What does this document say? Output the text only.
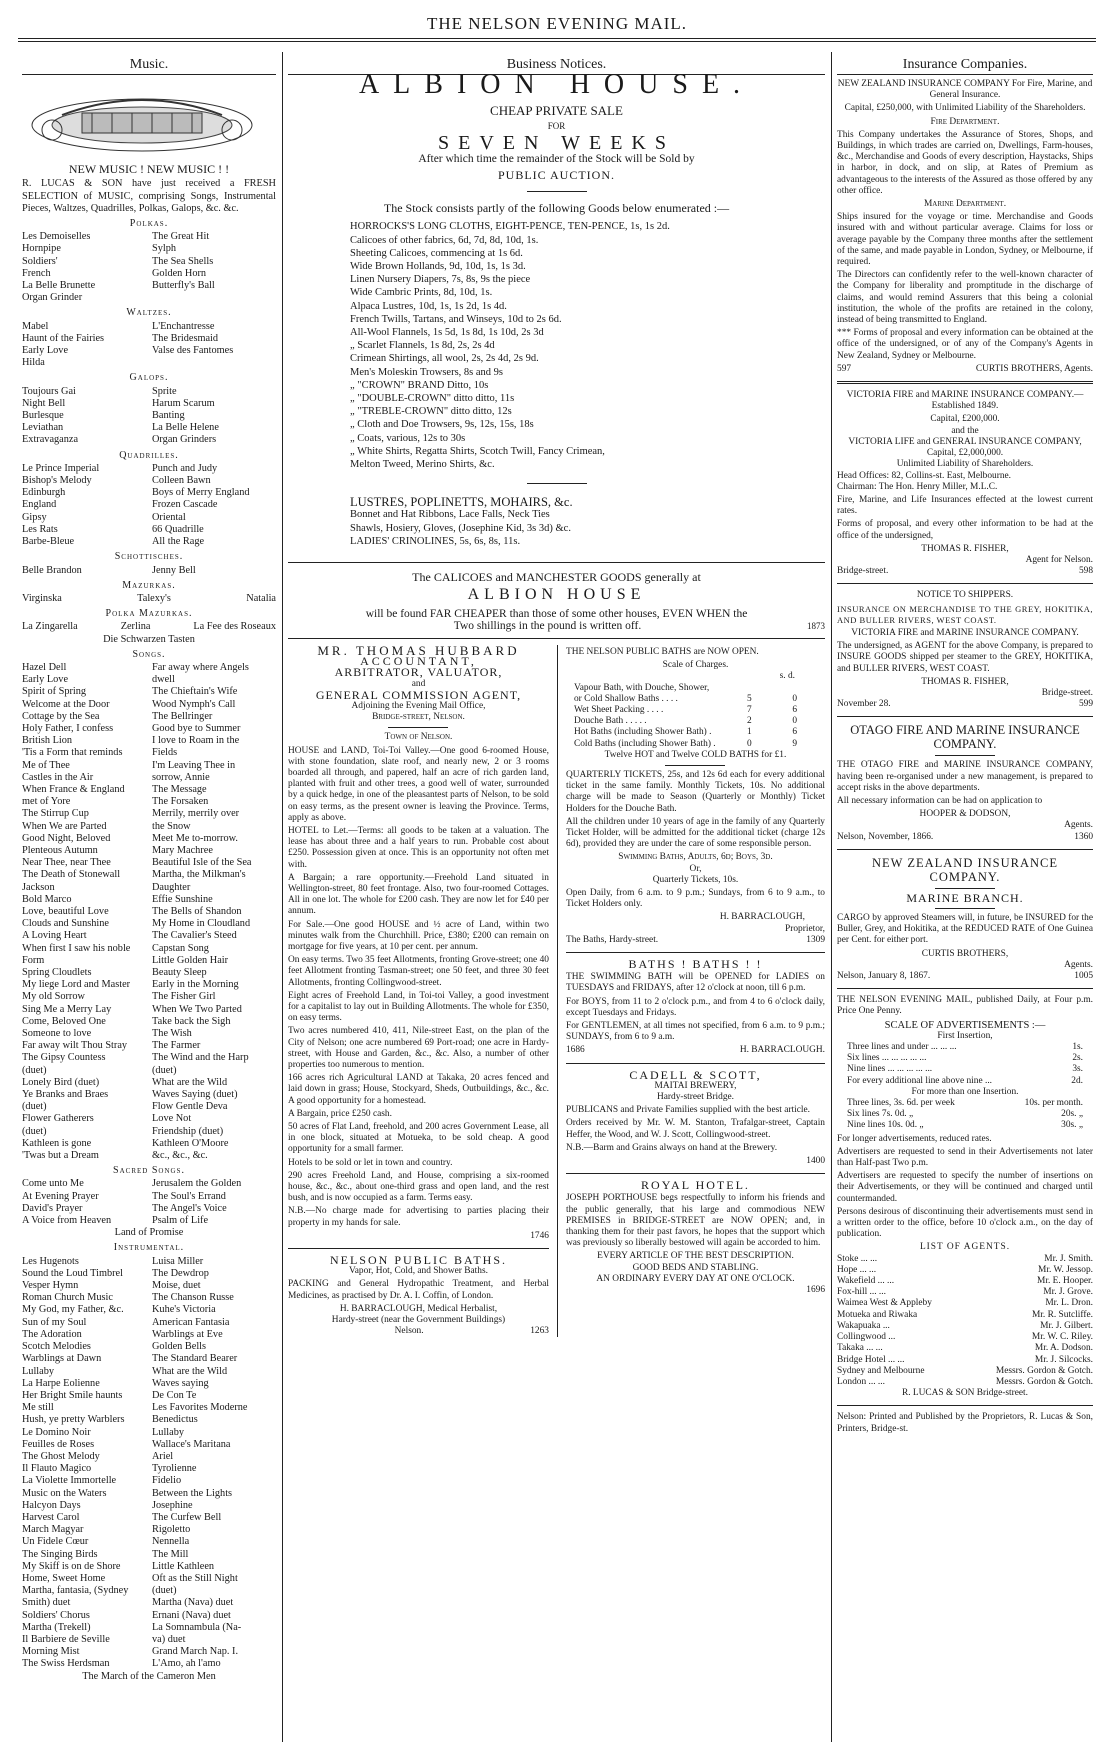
THE NELSON EVENING MAIL.
Music.
NEW MUSIC ! NEW MUSIC ! !

R. LUCAS & SON have just received a FRESH SELECTION of MUSIC, comprising Songs, Instrumental Pieces, Waltzes, Quadrilles, Polkas, Galops, &c. &c.

Polkas.
Les Demoiselles	The Great Hit
Hornpipe	Sylph
Soldiers'	The Sea Shells
French	Golden Horn
La Belle Brunette	Butterfly's Ball
Organ Grinder
Waltzes.
Mabel	L'Enchantresse
Haunt of the Fairies	The Bridesmaid
Early Love	Valse des Fantomes
Hilda
Galops.
Toujours Gai	Sprite
Night Bell	Harum Scarum
Burlesque	Banting
Leviathan	La Belle Helene
Extravaganza	Organ Grinders
Quadrilles.
Le Prince Imperial	Punch and Judy
Bishop's Melody	Colleen Bawn
Edinburgh	Boys of Merry England
England	Frozen Cascade
Gipsy	Oriental
Les Rats	66 Quadrille
Barbe-Bleue	All the Rage
Schottisches.
Belle Brandon	Jenny Bell
Mazurkas.
Virginska	Talexy's	Natalia
Polka Mazurkas.
La Zingarella	Zerlina	La Fee des Roseaux
Die Schwarzen Tasten
Songs.
Hazel Dell	Far away where Angels
Early Love	dwell
Spirit of Spring	The Chieftain's Wife
Welcome at the Door	Wood Nymph's Call
Cottage by the Sea	The Bellringer
Holy Father, I confess	Good bye to Summer
British Lion	I love to Roam in the
'Tis a Form that reminds	Fields
Me of Thee	I'm Leaving Thee in
Castles in the Air	sorrow, Annie
When France & England	The Message
met of Yore	The Forsaken
The Stirrup Cup	Merrily, merrily over
When We are Parted	the Snow
Good Night, Beloved	Meet Me to-morrow.
Plenteous Autumn	Mary Machree
Near Thee, near Thee	Beautiful Isle of the Sea
The Death of Stonewall	Martha, the Milkman's
Jackson	Daughter
Bold Marco	Effie Sunshine
Love, beautiful Love	The Bells of Shandon
Clouds and Sunshine	My Home in Cloudland
A Loving Heart	The Cavalier's Steed
When first I saw his noble	Capstan Song
Form	Little Golden Hair
Spring Cloudlets	Beauty Sleep
My liege Lord and Master	Early in the Morning
My old Sorrow	The Fisher Girl
Sing Me a Merry Lay	When We Two Parted
Come, Beloved One	Take back the Sigh
Someone to love	The Wish
Far away wilt Thou Stray	The Farmer
The Gipsy Countess	The Wind and the Harp
(duet)	(duet)
Lonely Bird (duet)	What are the Wild
Ye Branks and Braes	Waves Saying (duet)
(duet)	Flow Gentle Deva
Flower Gatherers	Love Not
(duet)	Friendship (duet)
Kathleen is gone	Kathleen O'Moore
'Twas but a Dream	&c., &c., &c.
Sacred Songs.
Come unto Me	Jerusalem the Golden
At Evening Prayer	The Soul's Errand
David's Prayer	The Angel's Voice
A Voice from Heaven	Psalm of Life
Land of Promise
Instrumental.
Les Hugenots	Luisa Miller
Sound the Loud Timbrel	The Dewdrop
Vesper Hymn	Moise, duet
Roman Church Music	The Chanson Russe
My God, my Father, &c.	Kuhe's Victoria
Sun of my Soul	American Fantasia
The Adoration	Warblings at Eve
Scotch Melodies	Golden Bells
Warblings at Dawn	The Standard Bearer
Lullaby	What are the Wild
La Harpe Eolienne	Waves saying
Her Bright Smile haunts	De Con Te
Me still	Les Favorites Moderne
Hush, ye pretty Warblers	Benedictus
Le Domino Noir	Lullaby
Feuilles de Roses	Wallace's Maritana
The Ghost Melody	Ariel
Il Flauto Magico	Tyrolienne
La Violette Immortelle	Fidelio
Music on the Waters	Between the Lights
Halcyon Days	Josephine
Harvest Carol	The Curfew Bell
March Magyar	Rigoletto
Un Fidele Cœur	Nennella
The Singing Birds	The Mill
My Skiff is on de Shore	Little Kathleen
Home, Sweet Home	Oft as the Still Night
Martha, fantasia, (Sydney	(duet)
Smith) duet	Martha (Nava) duet
Soldiers' Chorus	Ernani (Nava) duet
Martha (Trekell)	La Somnambula (Na-
Il Barbiere de Seville	va) duet
Morning Mist	Grand March Nap. I.
The Swiss Herdsman	L'Amo, ah l'amo
The March of the Cameron Men
Business Notices.
ALBION HOUSE.
CHEAP PRIVATE SALE
FOR
SEVEN WEEKS
After which time the remainder of the Stock will be Sold by
PUBLIC AUCTION.
The Stock consists partly of the following Goods below enumerated :—
HORROCKS'S LONG CLOTHS, EIGHT-PENCE, TEN-PENCE, 1s, 1s 2d.
Calicoes of other fabrics, 6d, 7d, 8d, 10d, 1s.
Sheeting Calicoes, commencing at 1s 6d.
Wide Brown Hollands, 9d, 10d, 1s, 1s 3d.
Linen Nursery Diapers, 7s, 8s, 9s the piece
Wide Cambric Prints, 8d, 10d, 1s.
Alpaca Lustres, 10d, 1s, 1s 2d, 1s 4d.
French Twills, Tartans, and Winseys, 10d to 2s 6d.
All-Wool Flannels, 1s 5d, 1s 8d, 1s 10d, 2s 3d
„ Scarlet Flannels, 1s 8d, 2s, 2s 4d
Crimean Shirtings, all wool, 2s, 2s 4d, 2s 9d.
Men's Moleskin Trowsers, 8s and 9s
„ "CROWN" BRAND Ditto, 10s
„ "DOUBLE-CROWN" ditto ditto, 11s
„ "TREBLE-CROWN" ditto ditto, 12s
„ Cloth and Doe Trowsers, 9s, 12s, 15s, 18s
„ Coats, various, 12s to 30s
„ White Shirts, Regatta Shirts, Scotch Twill, Fancy Crimean,
Melton Tweed, Merino Shirts, &c.
LUSTRES, POPLINETTS, MOHAIRS, &c.
Bonnet and Hat Ribbons, Lace Falls, Neck Ties
Shawls, Hosiery, Gloves, (Josephine Kid, 3s 3d) &c.
LADIES' CRINOLINES, 5s, 6s, 8s, 11s.
The CALICOES and MANCHESTER GOODS generally at
ALBION HOUSE
will be found FAR CHEAPER than those of some other houses, EVEN WHEN the
Two shillings in the pound is written off.	1873
MR. THOMAS HUBBARD
ACCOUNTANT,
ARBITRATOR, VALUATOR,
and
GENERAL COMMISSION AGENT,
Adjoining the Evening Mail Office,
Bridge-street, Nelson.
Town of Nelson.

HOUSE and LAND, Toi-Toi Valley.—One good 6-roomed House, with stone foundation, slate roof, and nearly new, 2 or 3 rooms boarded all through, and papered, half an acre of rich garden land, planted with fruit and other trees, a good well of water, surrounded by a quick hedge, in one of the pleasantest parts of Nelson, to be sold on easy terms, as the present owner is leaving the Province. Terms, apply as above.

HOTEL to Let.—Terms: all goods to be taken at a valuation. The lease has about three and a half years to run. Probable cost about £250. Possession given at once. This is an opportunity not often met with.

A Bargain; a rare opportunity.—Freehold Land situated in Wellington-street, 80 feet frontage. Also, two four-roomed Cottages. All in one lot. The whole for £200 cash. They are now let for £40 per annum.

For Sale.—One good HOUSE and ½ acre of Land, within two minutes walk from the Churchhill. Price, £380; £200 can remain on mortgage for five years, at 10 per cent. per annum.

On easy terms. Two 35 feet Allotments, fronting Grove-street; one 40 feet Allotment fronting Tasman-street; one 50 feet, and three 30 feet Allotments, fronting Collingwood-street.

Eight acres of Freehold Land, in Toi-toi Valley, a good investment for a capitalist to lay out in Building Allotments. The whole for £350, on easy terms.

Two acres numbered 410, 411, Nile-street East, on the plan of the City of Nelson; one acre numbered 69 Port-road; one acre in Hardy-street, with House and Garden, &c., &c. Also, a number of other properties too numerous to mention.

166 acres rich Agricultural LAND at Takaka, 20 acres fenced and laid down in grass; House, Stockyard, Sheds, Outbuildings, &c., &c. A good opportunity for a homestead.

A Bargain, price £250 cash.

50 acres of Flat Land, freehold, and 200 acres Government Lease, all in one block, situated at Motueka, to be sold cheap. A good opportunity for a small farmer.

Hotels to be sold or let in town and country.

290 acres Freehold Land, and House, comprising a six-roomed house, &c., &c., about one-third grass and open land, and the rest bush, and is now occupied as a farm. Terms easy.

N.B.—No charge made for advertising to parties placing their property in my hands for sale.

1746
NELSON PUBLIC BATHS.
Vapor, Hot, Cold, and Shower Baths.

PACKING and General Hydropathic Treatment, and Herbal Medicines, as practised by Dr. A. I. Coffin, of London.

H. BARRACLOUGH, Medical Herbalist,
Hardy-street (near the Government Buildings)
Nelson.	1263

THE NELSON PUBLIC BATHS are NOW OPEN.

Scale of Charges.
s. d.
Vapour Bath, with Douche, Shower,
or Cold Shallow Baths . . . .	5	0
Wet Sheet Packing . . . .	7	6
Douche Bath . . . . .	2	0
Hot Baths (including Shower Bath) .	1	6
Cold Baths (including Shower Bath) .	0	9
Twelve HOT and Twelve COLD BATHS for £1.

QUARTERLY TICKETS, 25s, and 12s 6d each for every additional ticket in the same family. Monthly Tickets, 10s. No additional charge will be made to Season (Quarterly or Monthly) Ticket Holders for the Douche Bath.

All the children under 10 years of age in the family of any Quarterly Ticket Holder, will be admitted for the additional ticket (charge 12s 6d), provided they are under the care of some responsible person.

Swimming Baths, Adults, 6d; Boys, 3d.
Or,
Quarterly Tickets, 10s.

Open Daily, from 6 a.m. to 9 p.m.; Sundays, from 6 to 9 a.m., to Ticket Holders only.

H. BARRACLOUGH,
Proprietor,
The Baths, Hardy-street.	1309
BATHS ! BATHS ! !

THE SWIMMING BATH will be OPENED for LADIES on TUESDAYS and FRIDAYS, after 12 o'clock at noon, till 6 p.m.

For BOYS, from 11 to 2 o'clock p.m., and from 4 to 6 o'clock daily, except Tuesdays and Fridays.

For GENTLEMEN, at all times not specified, from 6 a.m. to 9 p.m.; SUNDAYS, from 6 to 9 a.m.

1686	H. BARRACLOUGH.
CADELL & SCOTT,
MAITAI BREWERY,
Hardy-street Bridge.

PUBLICANS and Private Families supplied with the best article.

Orders received by Mr. W. M. Stanton, Trafalgar-street, Captain Heffer, the Wood, and W. J. Scott, Collingwood-street.

N.B.—Barm and Grains always on hand at the Brewery.

1400
ROYAL HOTEL.

JOSEPH PORTHOUSE begs respectfully to inform his friends and the public generally, that his large and commodious NEW PREMISES in BRIDGE-STREET are NOW OPEN; and, in thanking them for their past favors, he hopes that the support which was previously so liberally bestowed will again be accorded to him.

EVERY ARTICLE OF THE BEST DESCRIPTION.
GOOD BEDS AND STABLING.
AN ORDINARY EVERY DAY AT ONE O'CLOCK.
1696
Insurance Companies.

NEW ZEALAND INSURANCE COMPANY For Fire, Marine, and General Insurance.

Capital, £250,000, with Unlimited Liability of the Shareholders.

Fire Department.

This Company undertakes the Assurance of Stores, Shops, and Buildings, in which trades are carried on, Dwellings, Farm-houses, &c., Merchandise and Goods of every description, Haystacks, Ships in harbor, in dock, and on slip, at Rates of Premium as advantageous to the interests of the Assured as those offered by any other office.

Marine Department.

Ships insured for the voyage or time. Merchandise and Goods insured with and without particular average. Claims for loss or average payable by the Company three months after the settlement of the same, and made payable in London, Sydney, or Melbourne, if required.

The Directors can confidently refer to the well-known character of the Company for liberality and promptitude in the discharge of claims, and would remind Assurers that this being a colonial institution, the whole of the profits are retained in the colony, instead of being transmitted to England.

*** Forms of proposal and every information can be obtained at the office of the undersigned, or of any of the Company's Agents in New Zealand, Sydney or Melbourne.

597	CURTIS BROTHERS, Agents.

VICTORIA FIRE and MARINE INSURANCE COMPANY.—Established 1849.

Capital, £200,000.
and the
VICTORIA LIFE and GENERAL INSURANCE COMPANY,
Capital, £2,000,000.
Unlimited Liability of Shareholders.
Head Offices: 82, Collins-st. East, Melbourne.
Chairman: The Hon. Henry Miller, M.L.C.

Fire, Marine, and Life Insurances effected at the lowest current rates.

Forms of proposal, and every other information to be had at the office of the undersigned,

THOMAS R. FISHER,
Agent for Nelson.
Bridge-street.	598
NOTICE TO SHIPPERS.

INSURANCE ON MERCHANDISE TO THE GREY, HOKITIKA, AND BULLER RIVERS, WEST COAST.

VICTORIA FIRE and MARINE INSURANCE COMPANY.

The undersigned, as AGENT for the above Company, is prepared to INSURE GOODS shipped per steamer to the GREY, HOKITIKA, and BULLER RIVERS, WEST COAST.

THOMAS R. FISHER,
Bridge-street.
November 28.	599
OTAGO FIRE AND MARINE INSURANCE COMPANY.

THE OTAGO FIRE and MARINE INSURANCE COMPANY, having been re-organised under a new management, is prepared to accept risks in the above departments.

All necessary information can be had on application to

HOOPER & DODSON,
Agents.
Nelson, November, 1866.	1360
NEW ZEALAND INSURANCE COMPANY.
MARINE BRANCH.

CARGO by approved Steamers will, in future, be INSURED for the Buller, Grey, and Hokitika, at the REDUCED RATE of One Guinea per Cent. for either port.

CURTIS BROTHERS,
Agents.
Nelson, January 8, 1867.	1005

THE NELSON EVENING MAIL, published Daily, at Four p.m. Price One Penny.

SCALE OF ADVERTISEMENTS :—
First Insertion,
Three lines and under ... ... ...	1s.
Six lines ... ... ... ... ...	2s.
Nine lines ... ... ... ... ...	3s.
For every additional line above nine ...	2d.
For more than one Insertion.
Three lines, 3s. 6d. per week	10s. per month.
Six lines 7s. 0d. „	20s. „
Nine lines 10s. 0d. „	30s. „

For longer advertisements, reduced rates.

Advertisers are requested to send in their Advertisements not later than Half-past Two p.m.

Advertisers are requested to specify the number of insertions on their Advertisements, or they will be continued and charged until countermanded.

Persons desirous of discontinuing their advertisements must send in a written order to the office, before 10 o'clock a.m., on the day of publication.

LIST OF AGENTS.
Stoke ... ...	Mr. J. Smith.
Hope ... ...	Mr. W. Jessop.
Wakefield ... ...	Mr. E. Hooper.
Fox-hill ... ...	Mr. J. Grove.
Waimea West & Appleby	Mr. L. Dron.
Motueka and Riwaka	Mr. R. Sutcliffe.
Wakapuaka ...	Mr. J. Gilbert.
Collingwood ...	Mr. W. C. Riley.
Takaka ... ...	Mr. A. Dodson.
Bridge Hotel ... ...	Mr. J. Silcocks.
Sydney and Melbourne	Messrs. Gordon & Gotch.
London ... ...	Messrs. Gordon & Gotch.
R. LUCAS & SON Bridge-street.

Nelson: Printed and Published by the Proprietors, R. Lucas & Son, Printers, Bridge-st.
